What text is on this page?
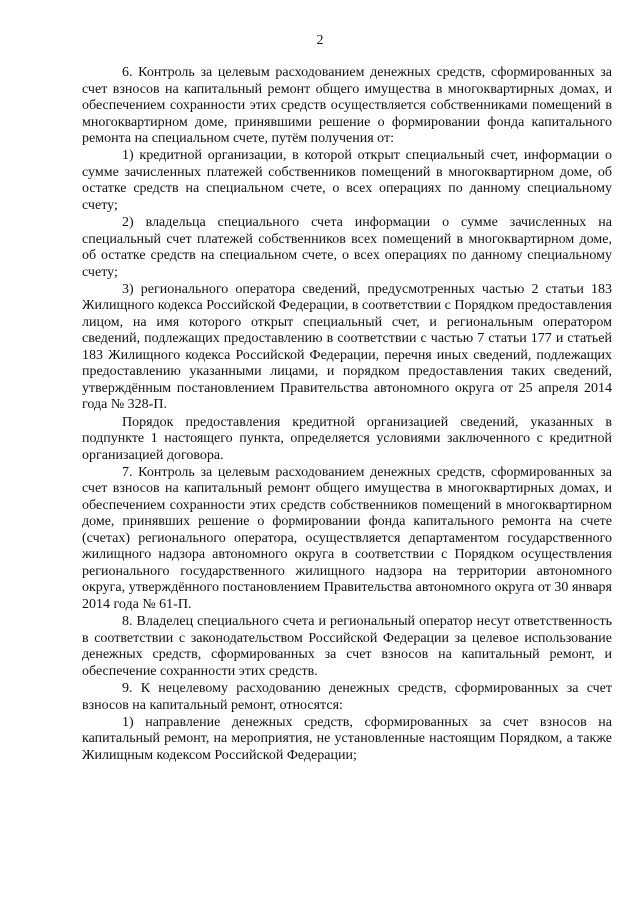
2

6. Контроль за целевым расходованием денежных средств, сформированных за счет взносов на капитальный ремонт общего имущества в многоквартирных домах, и обеспечением сохранности этих средств осуществляется собственниками помещений в многоквартирном доме, принявшими решение о формировании фонда капитального ремонта на специальном счете, путём получения от:

1) кредитной организации, в которой открыт специальный счет, информации о сумме зачисленных платежей собственников помещений в многоквартирном доме, об остатке средств на специальном счете, о всех операциях по данному специальному счету;

2) владельца специального счета информации о сумме зачисленных на специальный счет платежей собственников всех помещений в многоквартирном доме, об остатке средств на специальном счете, о всех операциях по данному специальному счету;

3) регионального оператора сведений, предусмотренных частью 2 статьи 183 Жилищного кодекса Российской Федерации, в соответствии с Порядком предоставления лицом, на имя которого открыт специальный счет, и региональным оператором сведений, подлежащих предоставлению в соответствии с частью 7 статьи 177 и статьей 183 Жилищного кодекса Российской Федерации, перечня иных сведений, подлежащих предоставлению указанными лицами, и порядком предоставления таких сведений, утверждённым постановлением Правительства автономного округа от 25 апреля 2014 года № 328-П.

Порядок предоставления кредитной организацией сведений, указанных в подпункте 1 настоящего пункта, определяется условиями заключенного с кредитной организацией договора.

7. Контроль за целевым расходованием денежных средств, сформированных за счет взносов на капитальный ремонт общего имущества в многоквартирных домах, и обеспечением сохранности этих средств собственников помещений в многоквартирном доме, принявших решение о формировании фонда капитального ремонта на счете (счетах) регионального оператора, осуществляется департаментом государственного жилищного надзора автономного округа в соответствии с Порядком осуществления регионального государственного жилищного надзора на территории автономного округа, утверждённого постановлением Правительства автономного округа от 30 января 2014 года № 61-П.

8. Владелец специального счета и региональный оператор несут ответственность в соответствии с законодательством Российской Федерации за целевое использование денежных средств, сформированных за счет взносов на капитальный ремонт, и обеспечение сохранности этих средств.

9. К нецелевому расходованию денежных средств, сформированных за счет взносов на капитальный ремонт, относятся:

1) направление денежных средств, сформированных за счет взносов на капитальный ремонт, на мероприятия, не установленные настоящим Порядком, а также Жилищным кодексом Российской Федерации;
